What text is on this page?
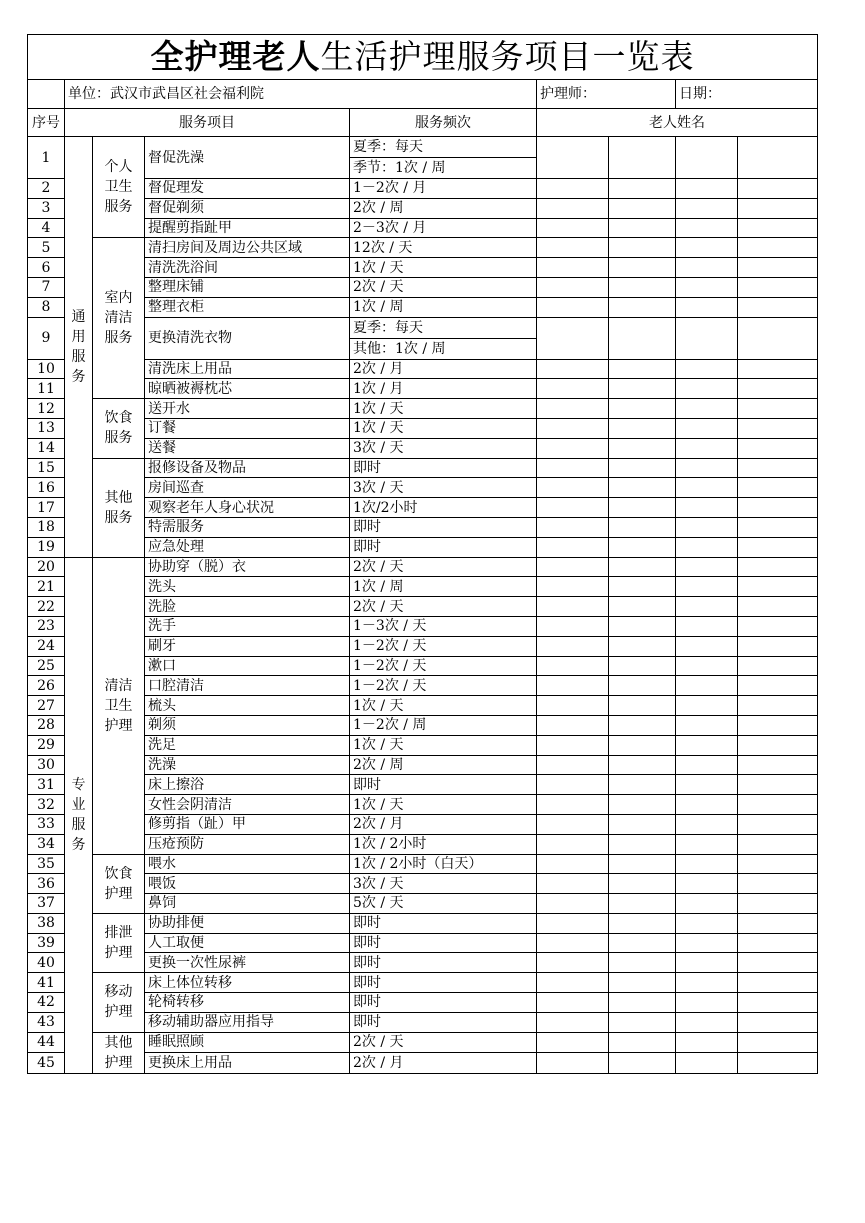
全护理老人生活护理服务项目一览表								
	单位：武汉市武昌区社会福利院				护理师：		日期：	
序号	服务项目			服务频次	老人姓名			
1	通用服务	个人卫生服务	督促洗澡	夏季：每天
季节：1次 / 周				

2			督促理发	1－2次 / 月				
3			督促剃须	2次 / 周				
4			提醒剪指趾甲	2－3次 / 月				
5		室内清洁服务	清扫房间及周边公共区域	12次 / 天				
6			清洗洗浴间	1次 / 天				
7			整理床铺	2次 / 天				
8			整理衣柜	1次 / 周				
9			更换清洗衣物	夏季：每天
其他：1次 / 周				

10			清洗床上用品	2次 / 月				
11			晾晒被褥枕芯	1次 / 月				
12		饮食服务	送开水	1次 / 天				
13			订餐	1次 / 天				
14			送餐	3次 / 天				
15		其他服务	报修设备及物品	即时				
16			房间巡查	3次 / 天				
17			观察老年人身心状况	1次/2小时				
18			特需服务	即时				
19			应急处理	即时				
20	专业服务	清洁卫生护理	协助穿（脱）衣	2次 / 天				
21			洗头	1次 / 周				
22			洗脸	2次 / 天				
23			洗手	1－3次 / 天				
24			刷牙	1－2次 / 天				
25			漱口	1－2次 / 天				
26			口腔清洁	1－2次 / 天				
27			梳头	1次 / 天				
28			剃须	1－2次 / 周				
29			洗足	1次 / 天				
30			洗澡	2次 / 周				
31			床上擦浴	即时				
32			女性会阴清洁	1次 / 天				
33			修剪指（趾）甲	2次 / 月				
34			压疮预防	1次 / 2小时				
35		饮食护理	喂水	1次 / 2小时（白天）				
36			喂饭	3次 / 天				
37			鼻饲	5次 / 天				
38		排泄护理	协助排便	即时				
39			人工取便	即时				
40			更换一次性尿裤	即时				
41		移动护理	床上体位转移	即时				
42			轮椅转移	即时				
43			移动辅助器应用指导	即时				
44		其他护理	睡眠照顾	2次 / 天				
45			更换床上用品	2次 / 月				
